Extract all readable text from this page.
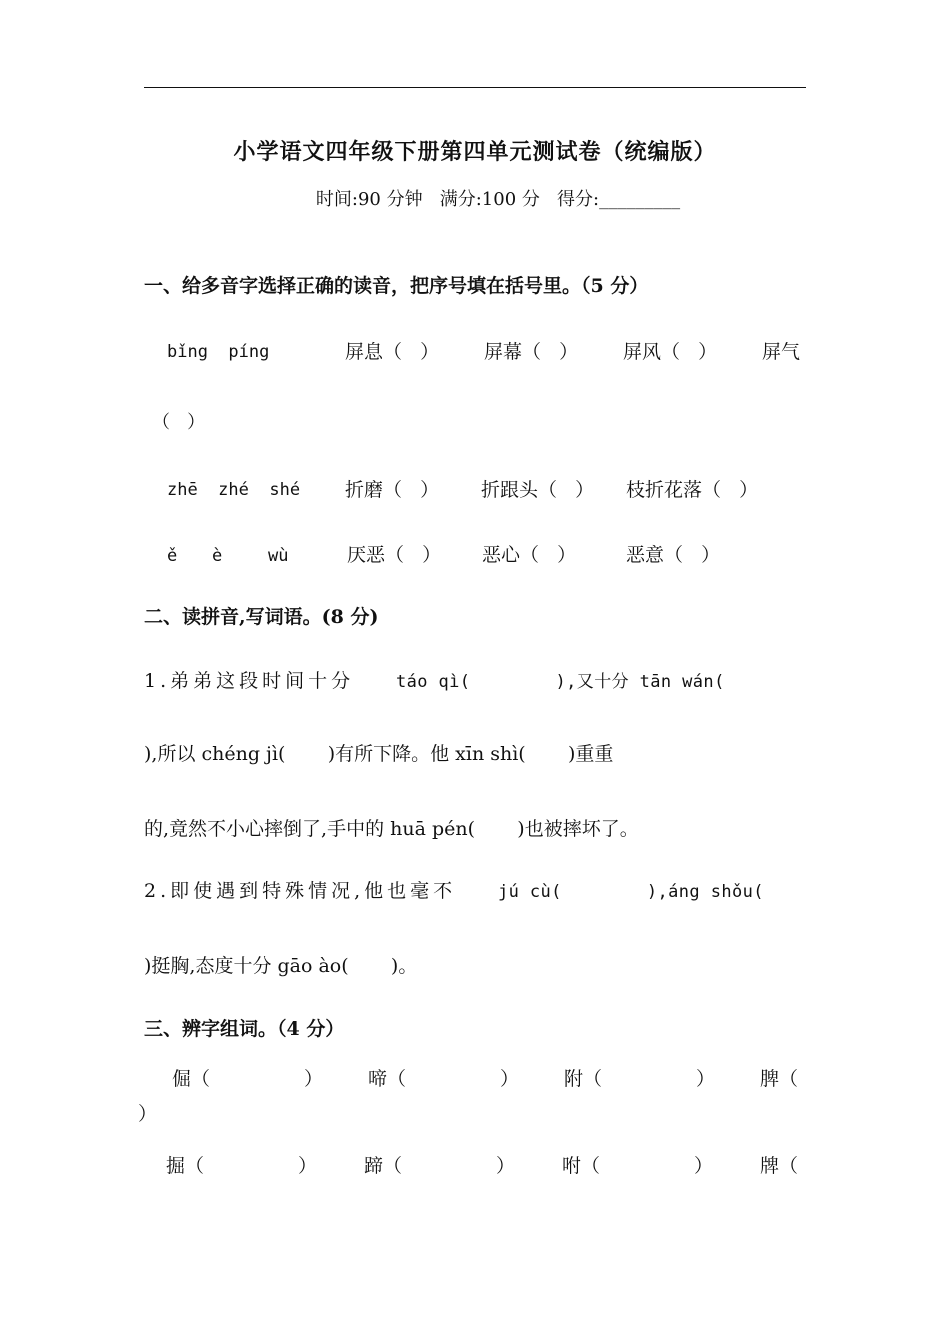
小学语文四年级下册第四单元测试卷（统编版）
时间:90 分钟   满分:100 分   得分:_________
一、给多音字选择正确的读音，把序号填在括号里。（5 分）
bǐng  píng	屏息（   ） 屏幕（   ） 屏风（   ） 屏气
（   ）
zhē  zhé  shé 折磨（   ） 折跟头（   ） 枝折花落（   ）
ě è	wù	厌恶（   ） 恶心（   ）	恶意（   ）
二、读拼音,写词语。(8 分)
1.弟弟这段时间十分 táo qì(        ),又十分 tān wán(
),所以 chéng jì(       )有所下降。他 xīn shì(       )重重
的,竟然不小心摔倒了,手中的 huā pén(       )也被摔坏了。
2.即使遇到特殊情况,他也毫不 jú cù(        ),áng shǒu(
)挺胸,态度十分 gāo ào(       )。
三、辨字组词。（4 分）
倔（	） 啼（	） 附（	） 脾（
）
掘（	） 蹄（	） 咐（	） 牌（
